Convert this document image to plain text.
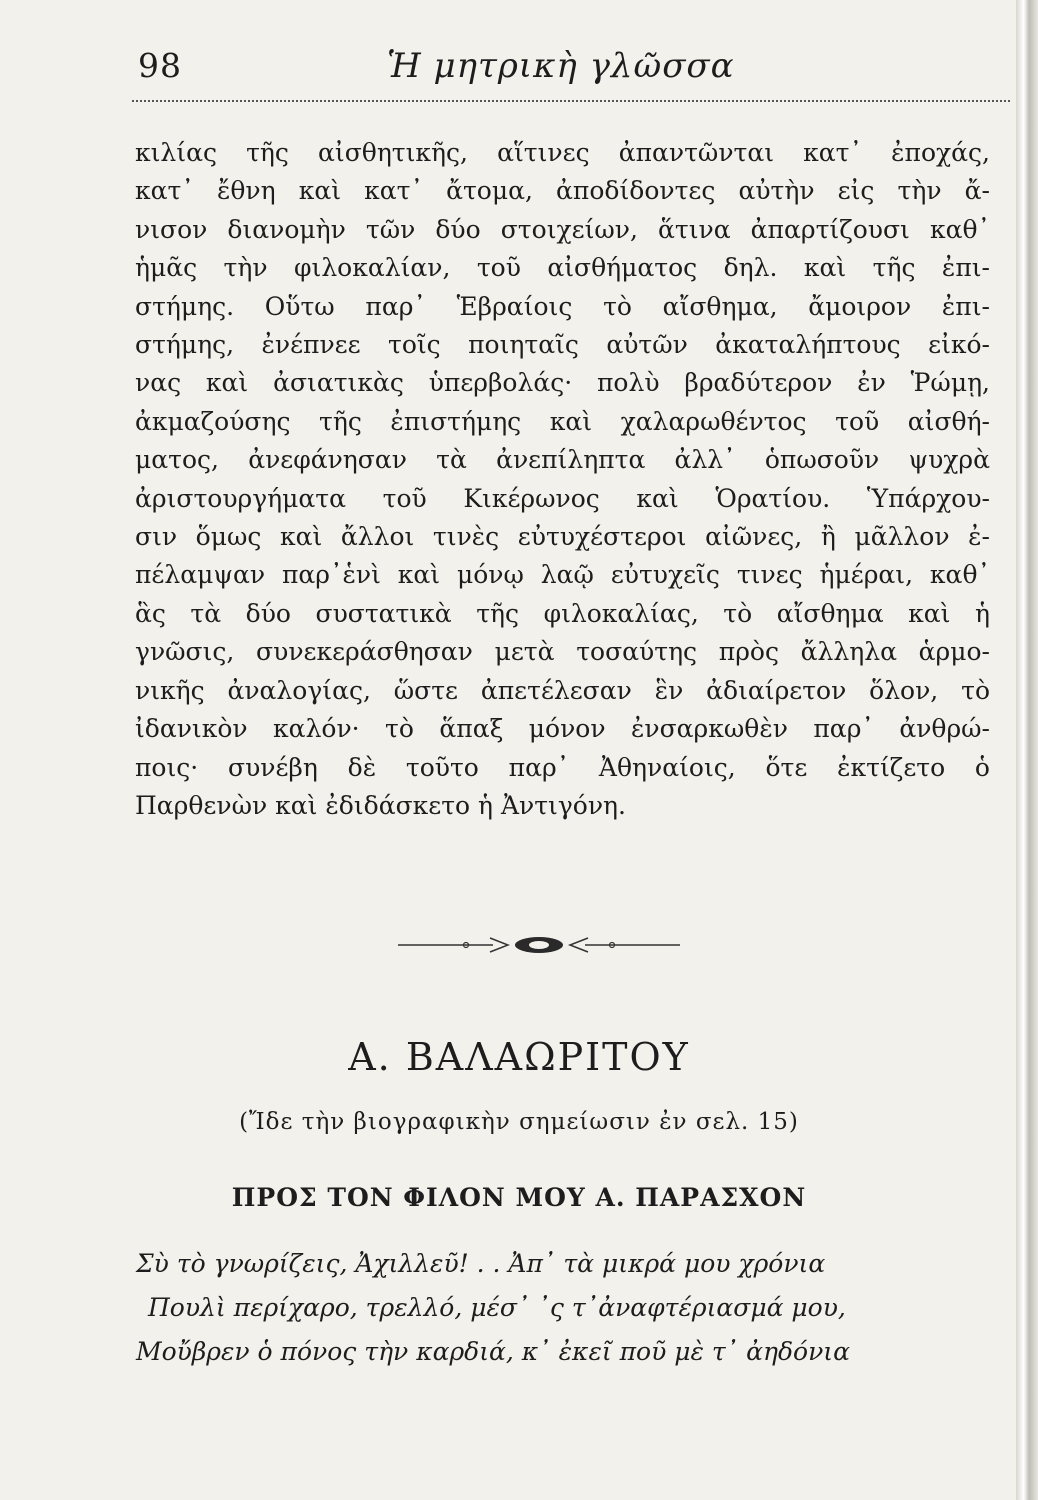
98	Ἡ μητρικὴ γλῶσσα
κιλίας τῆς αἰσθητικῆς, αἵτινες ἀπαντῶνται κατ᾽ ἐποχάς,
κατ᾽ ἔθνη καὶ κατ᾽ ἄτομα, ἀποδίδοντες αὐτὴν εἰς τὴν ἄ-
νισον διανομὴν τῶν δύο στοιχείων, ἅτινα ἀπαρτίζουσι καθ᾽
ἡμᾶς τὴν φιλοκαλίαν, τοῦ αἰσθήματος δηλ. καὶ τῆς ἐπι-
στήμης. Οὕτω παρ᾽ Ἑβραίοις τὸ αἴσθημα, ἄμοιρον ἐπι-
στήμης, ἐνέπνεε τοῖς ποιηταῖς αὐτῶν ἀκαταλήπτους εἰκό-
νας καὶ ἀσιατικὰς ὑπερβολάς· πολὺ βραδύτερον ἐν Ῥώμῃ,
ἀκμαζούσης τῆς ἐπιστήμης καὶ χαλαρωθέντος τοῦ αἰσθή-
ματος, ἀνεφάνησαν τὰ ἀνεπίληπτα ἀλλ᾽ ὁπωσοῦν ψυχρὰ
ἀριστουργήματα τοῦ Κικέρωνος καὶ Ὁρατίου. Ὑπάρχου-
σιν ὅμως καὶ ἄλλοι τινὲς εὐτυχέστεροι αἰῶνες, ἢ μᾶλλον ἐ-
πέλαμψαν παρ᾽ἑνὶ καὶ μόνῳ λαῷ εὐτυχεῖς τινες ἡμέραι, καθ᾽
ἃς τὰ δύο συστατικὰ τῆς φιλοκαλίας, τὸ αἴσθημα καὶ ἡ
γνῶσις, συνεκεράσθησαν μετὰ τοσαύτης πρὸς ἄλληλα ἁρμο-
νικῆς ἀναλογίας, ὥστε ἀπετέλεσαν ἓν ἀδιαίρετον ὅλον, τὸ
ἰδανικὸν καλόν· τὸ ἅπαξ μόνον ἐνσαρκωθὲν παρ᾽ ἀνθρώ-
ποις· συνέβη δὲ τοῦτο παρ᾽ Ἀθηναίοις, ὅτε ἐκτίζετο ὁ
Παρθενὼν καὶ ἐδιδάσκετο ἡ Ἀντιγόνη.
Α. ΒΑΛΑΩΡΙΤΟΥ
(Ἴδε τὴν βιογραφικὴν σημείωσιν ἐν σελ. 15)
ΠΡΟΣ ΤΟΝ ΦΙΛΟΝ ΜΟΥ Α. ΠΑΡΑΣΧΟΝ
Σὺ τὸ γνωρίζεις, Ἀχιλλεῦ! . . Ἀπ᾽ τὰ μικρά μου χρόνια
Πουλὶ περίχαρο, τρελλό, μέσ᾽ ᾽ς τ᾽ἀναφτέριασμά μου,
Μοὔβρεν ὁ πόνος τὴν καρδιά, κ᾽ ἐκεῖ ποῦ μὲ τ᾽ ἀηδόνια
